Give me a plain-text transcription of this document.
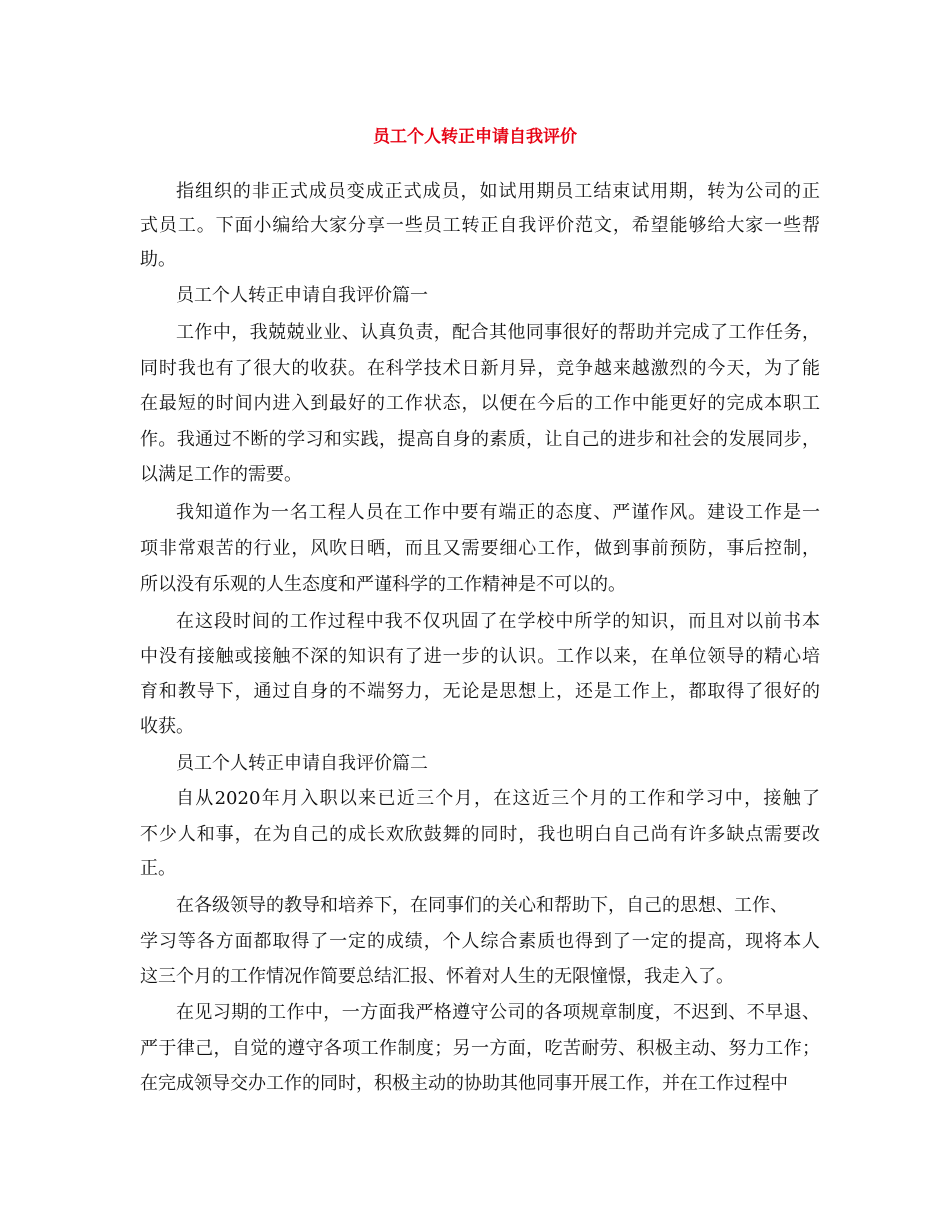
员工个人转正申请自我评价
指组织的非正式成员变成正式成员，如试用期员工结束试用期，转为公司的正
式员工。下面小编给大家分享一些员工转正自我评价范文，希望能够给大家一些帮
助。
员工个人转正申请自我评价篇一
工作中，我兢兢业业、认真负责，配合其他同事很好的帮助并完成了工作任务，
同时我也有了很大的收获。在科学技术日新月异，竞争越来越激烈的今天，为了能
在最短的时间内进入到最好的工作状态，以便在今后的工作中能更好的完成本职工
作。我通过不断的学习和实践，提高自身的素质，让自己的进步和社会的发展同步，
以满足工作的需要。
我知道作为一名工程人员在工作中要有端正的态度、严谨作风。建设工作是一
项非常艰苦的行业，风吹日晒，而且又需要细心工作，做到事前预防，事后控制，
所以没有乐观的人生态度和严谨科学的工作精神是不可以的。
在这段时间的工作过程中我不仅巩固了在学校中所学的知识，而且对以前书本
中没有接触或接触不深的知识有了进一步的认识。工作以来，在单位领导的精心培
育和教导下，通过自身的不端努力，无论是思想上，还是工作上，都取得了很好的
收获。
员工个人转正申请自我评价篇二
自从2020年月入职以来已近三个月，在这近三个月的工作和学习中，接触了
不少人和事，在为自己的成长欢欣鼓舞的同时，我也明白自己尚有许多缺点需要改
正。
在各级领导的教导和培养下，在同事们的关心和帮助下，自己的思想、工作、
学习等各方面都取得了一定的成绩，个人综合素质也得到了一定的提高，现将本人
这三个月的工作情况作简要总结汇报、怀着对人生的无限憧憬，我走入了。
在见习期的工作中，一方面我严格遵守公司的各项规章制度，不迟到、不早退、
严于律己，自觉的遵守各项工作制度；另一方面，吃苦耐劳、积极主动、努力工作；
在完成领导交办工作的同时，积极主动的协助其他同事开展工作，并在工作过程中
